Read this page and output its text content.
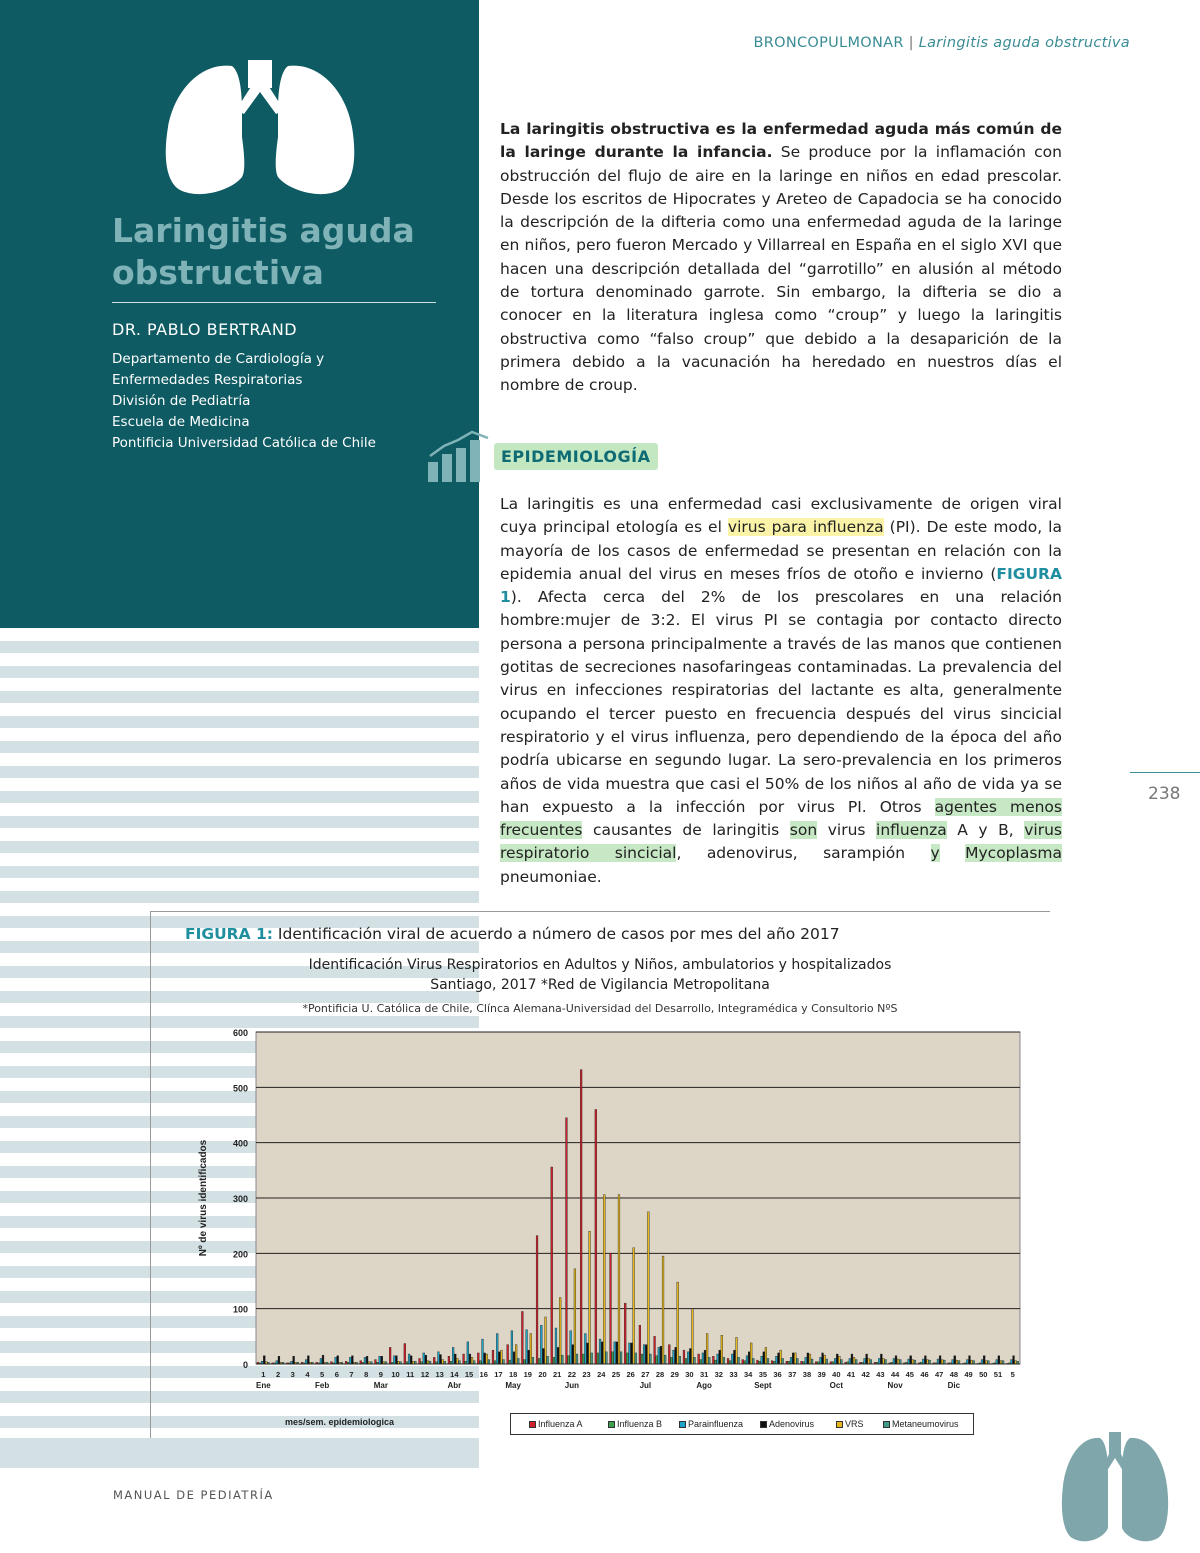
Laringitis aguda
obstructiva
DR. PABLO BERTRAND
Departamento de Cardiología y
Enfermedades Respiratorias
División de Pediatría
Escuela de Medicina
Pontificia Universidad Católica de Chile
BRONCOPULMONAR | Laringitis aguda obstructiva
La laringitis obstructiva es la enfermedad aguda más común de la laringe durante la infancia. Se produce por la inflamación con obstrucción del flujo de aire en la laringe en niños en edad prescolar. Desde los escritos de Hipocrates y Areteo de Capadocia se ha conocido la descripción de la difteria como una enfermedad aguda de la laringe en niños, pero fueron Mercado y Villarreal en España en el siglo XVI que hacen una descripción detallada del “garrotillo” en alusión al método de tortura denominado garrote. Sin embargo, la difteria se dio a conocer en la literatura inglesa como “croup” y luego la laringitis obstructiva como “falso croup” que debido a la desaparición de la primera debido a la vacunación ha heredado en nuestros días el nombre de croup.
EPIDEMIOLOGÍA
La laringitis es una enfermedad casi exclusivamente de origen viral cuya principal etología es el virus para influenza (PI). De este modo, la mayoría de los casos de enfermedad se presentan en relación con la epidemia anual del virus en meses fríos de otoño e invierno (FIGURA 1). Afecta cerca del 2% de los prescolares en una relación hombre:mujer de 3:2. El virus PI se contagia por contacto directo persona a persona principalmente a través de las manos que contienen gotitas de secreciones nasofaringeas contaminadas. La prevalencia del virus en infecciones respiratorias del lactante es alta, generalmente ocupando el tercer puesto en frecuencia después del virus sincicial respiratorio y el virus influenza, pero dependiendo de la época del año podría ubicarse en segundo lugar. La sero-prevalencia en los primeros años de vida muestra que casi el 50% de los niños al año de vida ya se han expuesto a la infección por virus PI. Otros agentes menos frecuentes causantes de laringitis son virus influenza A y B, virus respiratorio sincicial, adenovirus, sarampión y Mycoplasma pneumoniae.
238
FIGURA 1: Identificación viral de acuerdo a número de casos por mes del año 2017
Identificación Virus Respiratorios en Adultos y Niños, ambulatorios y hospitalizados
Santiago, 2017 *Red de Vigilancia Metropolitana
*Pontificia U. Católica de Chile, Clínca Alemana-Universidad del Desarrollo, Integramédica y Consultorio NºS
Nº de virus identificados
0
100
200
300
400
500
600
1 2 3 4 5 6 7 8 9 10 11 12 13 14 15 16 17 18 19 20 21 22 23 24 25 26 27 28 29 30 31 32 33 34 35 36 37 38 39 40 41 42 43 44 45 46 47 48 49 50 51 5
Ene	Feb	Mar	Abr	May	Jun	Jul	Ago	Sept	Oct	Nov	Dic
mes/sem. epidemiologica	Influenza A	Influenza B	Parainfluenza	Adenovirus	VRS	Metaneumovirus
MANUAL DE PEDIATRÍA
